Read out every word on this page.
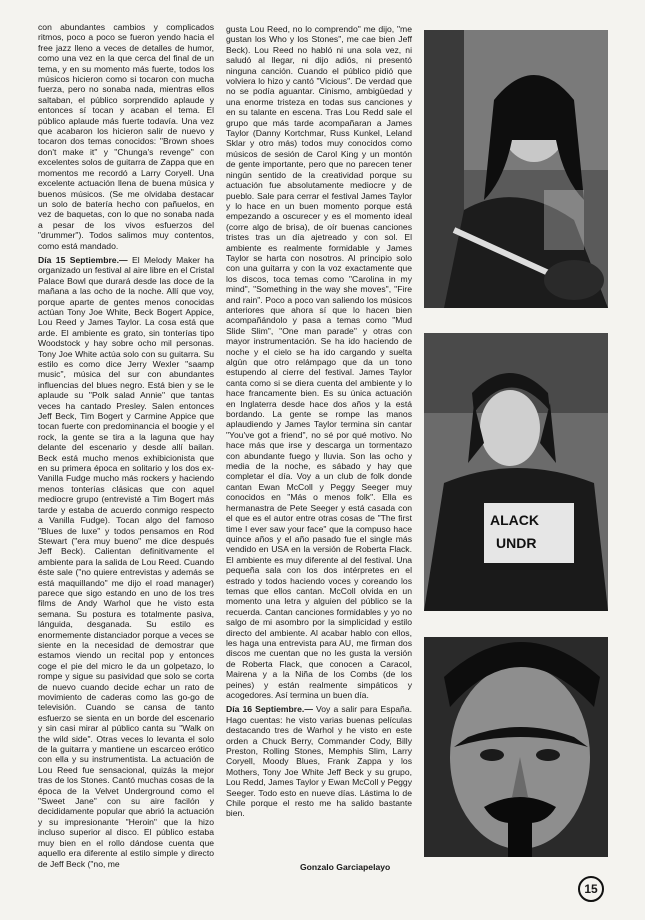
con abundantes cambios y complicados ritmos, poco a poco se fueron yendo hacia el free jazz lleno a veces de detalles de humor, como una vez en la que cerca del final de un tema, y en su momento más fuerte, todos los músicos hicieron como si tocaron con mucha fuerza, pero no sonaba nada, mientras ellos saltaban, el público sorprendido aplaude y entonces sí tocan y acaban el tema. El público aplaude más fuerte todavía. Una vez que acabaron los hicieron salir de nuevo y tocaron dos temas conocidos: "Brown shoes don't make it" y "Chunga's revenge" con excelentes solos de guitarra de Zappa que en momentos me recordó a Larry Coryell. Una excelente actuación llena de buena música y buenos músicos. (Se me olvidaba destacar un solo de batería hecho con pañuelos, en vez de baquetas, con lo que no sonaba nada a pesar de los vivos esfuerzos del "drummer"). Todos salimos muy contentos, como está mandado.

Día 15 Septiembre.— El Melody Maker ha organizado un festival al aire libre en el Cristal Palace Bowl que durará desde las doce de la mañana a las ocho de la noche. Allí que voy, porque aparte de gentes menos conocidas actúan Tony Joe White, Beck Bogert Appice, Lou Reed y James Taylor. La cosa está que arde. El ambiente es grato, sin tonterías tipo Woodstock y hay sobre ocho mil personas. Tony Joe White actúa solo con su guitarra. Su estilo es como dice Jerry Wexler "saamp music", música del sur con abundantes influencias del blues negro. Está bien y se le aplaude su "Polk salad Annie" que tantas veces ha cantado Presley. Salen entonces Jeff Beck, Tim Bogert y Carmine Appice que tocan fuerte con predominancia el boogie y el rock, la gente se tira a la laguna que hay delante del escenario y desde allí bailan. Beck está mucho menos exhibicionista que en su primera época en solitario y los dos ex-Vanilla Fudge mucho más rockers y haciendo menos tonterías clásicas que con aquel mediocre grupo (entrevisté a Tim Bogert más tarde y estaba de acuerdo conmigo respecto a Vanilla Fudge). Tocan algo del famoso "Blues de luxe" y todos pensamos en Rod Stewart ("era muy bueno" me dice después Jeff Beck). Calientan definitivamente el ambiente para la salida de Lou Reed. Cuando éste sale ("no quiere entrevistas y además se está maquillando" me dijo el road manager) parece que sigo estando en uno de los tres films de Andy Warhol que he visto esta semana. Su postura es totalmente pasiva, lánguida, desganada. Su estilo es enormemente distanciador porque a veces se siente en la necesidad de demostrar que estamos viendo un recital pop y entonces coge el pie del micro le da un golpetazo, lo rompe y sigue su pasividad que solo se corta de nuevo cuando decide echar un rato de movimiento de caderas como las go-go de televisión. Cuando se cansa de tanto esfuerzo se sienta en un borde del escenario y sin casi mirar al público canta su "Walk on the wild side". Otras veces lo levanta el solo de la guitarra y mantiene un escarceo erótico con ella y su instrumentista. La actuación de Lou Reed fue sensacional, quizás la mejor tras de los Stones. Cantó muchas cosas de la época de la Velvet Underground como el "Sweet Jane" con su aire facilón y decididamente popular que abrió la actuación y su impresionante "Heroin" que la hizo incluso superior al disco. El público estaba muy bien en el rollo dándose cuenta que aquello era diferente al estilo simple y directo de Jeff Beck ("no, me

gusta Lou Reed, no lo comprendo" me dijo, "me gustan los Who y los Stones", me cae bien Jeff Beck). Lou Reed no habló ni una sola vez, ni saludó al llegar, ni dijo adiós, ni presentó ninguna canción. Cuando el público pidió que volviera lo hizo y cantó "Vicious". De verdad que no se podía aguantar. Cinismo, ambigüedad y una enorme tristeza en todas sus canciones y en su talante en escena. Tras Lou Redd sale el grupo que más tarde acompañaran a James Taylor (Danny Kortchmar, Russ Kunkel, Leland Sklar y otro más) todos muy conocidos como músicos de sesión de Carol King y un montón de gente importante, pero que no parecen tener ningún sentido de la creatividad porque su actuación fue absolutamente mediocre y de pueblo. Sale para cerrar el festival James Taylor y lo hace en un buen momento porque está empezando a oscurecer y es el momento ideal (corre algo de brisa), de oír buenas canciones tristes tras un día ajetreado y con sol. El ambiente es realmente formidable y James Taylor se harta con nosotros. Al principio solo con una guitarra y con la voz exactamente que los discos, toca temas como "Carolina in my mind", "Something in the way she moves", "Fire and rain". Poco a poco van saliendo los músicos anteriores que ahora sí que lo hacen bien acompañándolo y pasa a temas como "Mud Slide Slim", "One man parade" y otras con mayor instrumentación. Se ha ido haciendo de noche y el cielo se ha ido cargando y suelta algún que otro relámpago que da un tono estupendo al cierre del festival. James Taylor canta como si se diera cuenta del ambiente y lo hace francamente bien. Es su única actuación en Inglaterra desde hace dos años y la está bordando. La gente se rompe las manos aplaudiendo y James Taylor termina sin cantar "You've got a friend", no sé por qué motivo. No hace más que irse y descarga un tormentazo con abundante fuego y lluvia. Son las ocho y media de la noche, es sábado y hay que completar el día. Voy a un club de folk donde cantan Ewan McColl y Peggy Seeger muy conocidos en "Más o menos folk". Ella es hermanastra de Pete Seeger y está casada con el que es el autor entre otras cosas de "The first time I ever saw your face" que la compuso hace quince años y el año pasado fue el single más vendido en USA en la versión de Roberta Flack. El ambiente es muy diferente al del festival. Una pequeña sala con los dos intérpretes en el estrado y todos haciendo voces y coreando los temas que ellos cantan. McColl olvida en un momento una letra y alguien del público se la recuerda. Cantan canciones formidables y yo no salgo de mi asombro por la simplicidad y estilo directo del ambiente. Al acabar hablo con ellos, les haga una entrevista para AU, me firman dos discos me cuentan que no les gusta la versión de Roberta Flack, que conocen a Caracol, Mairena y a la Niña de los Combs (de los peines) y están realmente simpáticos y acogedores. Así termina un buen día.

Día 16 Septiembre.— Voy a salir para España. Hago cuentas: he visto varias buenas películas destacando tres de Warhol y he visto en este orden a Chuck Berry, Commander Cody, Billy Preston, Rolling Stones, Memphis Slim, Larry Coryell, Moody Blues, Frank Zappa y los Mothers, Tony Joe White Jeff Beck y su grupo, Lou Redd, James Taylor y Ewan McColl y Peggy Seeger. Todo esto en nueve días. Lástima lo de Chile porque el resto me ha salido bastante bien.

ALACK
UNDR
Gonzalo Garciapelayo
15
